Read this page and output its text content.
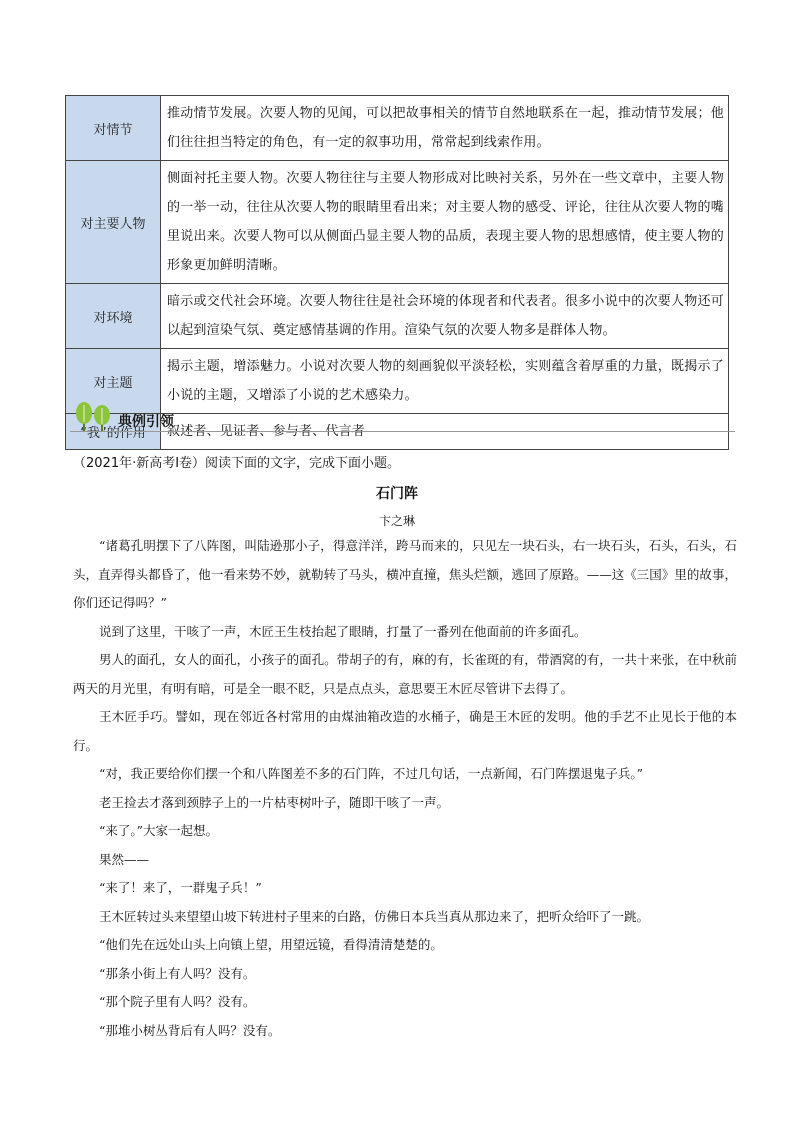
对情节	推动情节发展。次要人物的见闻，可以把故事相关的情节自然地联系在一起，推动情节发展；他们往往担当特定的角色，有一定的叙事功用，常常起到线索作用。
对主要人物	侧面衬托主要人物。次要人物往往与主要人物形成对比映衬关系，另外在一些文章中，主要人物的一举一动，往往从次要人物的眼睛里看出来；对主要人物的感受、评论，往往从次要人物的嘴里说出来。次要人物可以从侧面凸显主要人物的品质，表现主要人物的思想感情，使主要人物的形象更加鲜明清晰。
对环境	暗示或交代社会环境。次要人物往往是社会环境的体现者和代表者。很多小说中的次要人物还可以起到渲染气氛、奠定感情基调的作用。渲染气氛的次要人物多是群体人物。
对主题	揭示主题，增添魅力。小说对次要人物的刻画貌似平淡轻松，实则蕴含着厚重的力量，既揭示了小说的主题，又增添了小说的艺术感染力。
“我”的作用	叙述者、见证者、参与者、代言者
典例引领
（2021年·新高考Ⅰ卷）阅读下面的文字，完成下面小题。
石门阵
卞之琳

“诸葛孔明摆下了八阵图，叫陆逊那小子，得意洋洋，跨马而来的，只见左一块石头，右一块石头，石头，石头，石头，直弄得头都昏了，他一看来势不妙，就勒转了马头，横冲直撞，焦头烂额，逃回了原路。——这《三国》里的故事，你们还记得吗？”

说到了这里，干咳了一声，木匠王生枝抬起了眼睛，打量了一番列在他面前的许多面孔。

男人的面孔，女人的面孔，小孩子的面孔。带胡子的有，麻的有，长雀斑的有，带酒窝的有，一共十来张，在中秋前两天的月光里，有明有暗，可是全一眼不眨，只是点点头，意思要王木匠尽管讲下去得了。

王木匠手巧。譬如，现在邻近各村常用的由煤油箱改造的水桶子，确是王木匠的发明。他的手艺不止见长于他的本行。

“对，我正要给你们摆一个和八阵图差不多的石门阵，不过几句话，一点新闻，石门阵摆退鬼子兵。”

老王捡去才落到颈脖子上的一片枯枣树叶子，随即干咳了一声。

“来了。”大家一起想。

果然——

“来了！来了，一群鬼子兵！”

王木匠转过头来望望山坡下转进村子里来的白路，仿佛日本兵当真从那边来了，把听众给吓了一跳。

“他们先在远处山头上向镇上望，用望远镜，看得清清楚楚的。

“那条小街上有人吗？没有。

“那个院子里有人吗？没有。

“那堆小树丛背后有人吗？没有。
